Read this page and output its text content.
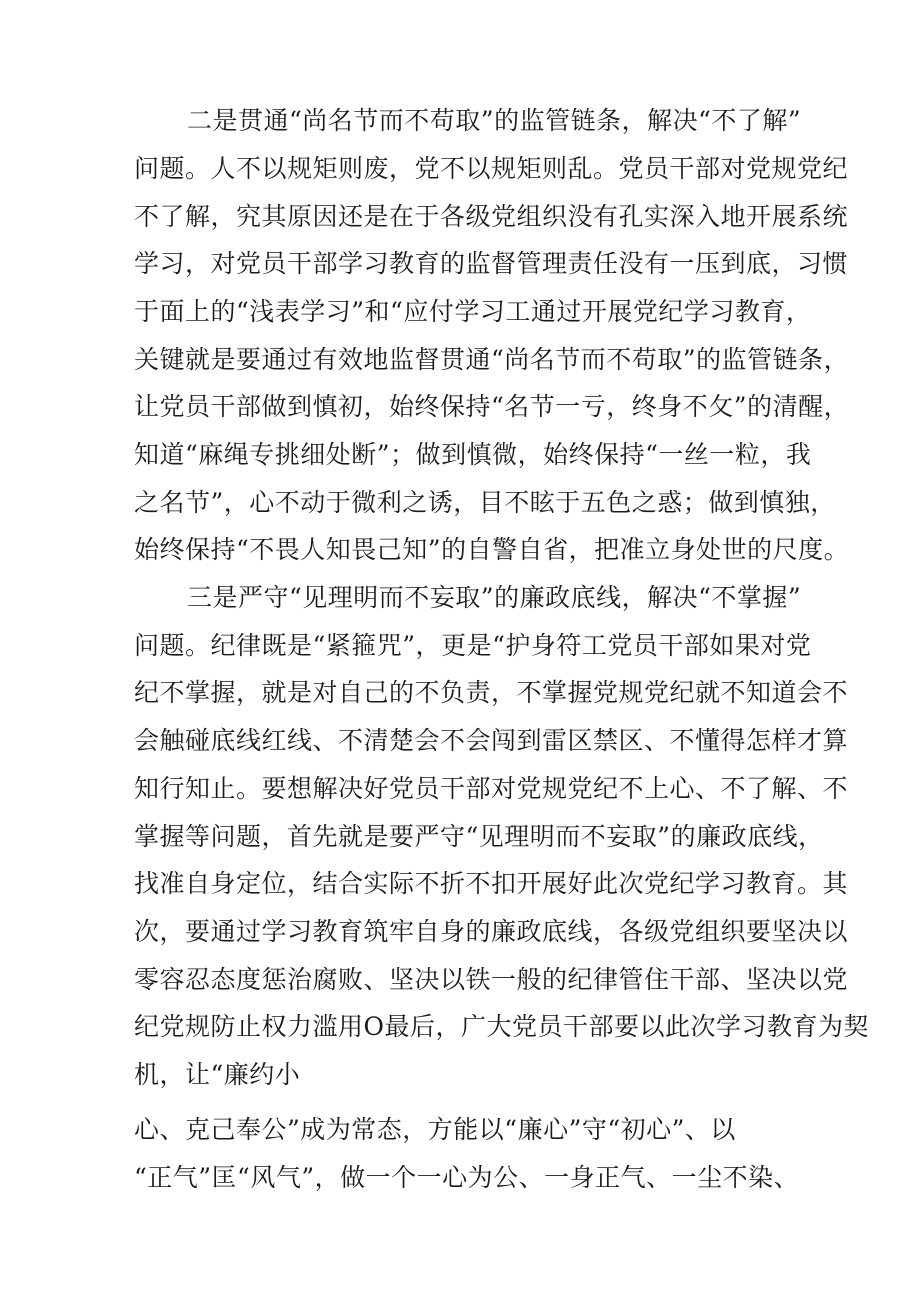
二是贯通“尚名节而不苟取”的监管链条，解决“不了解”
问题。人不以规矩则废，党不以规矩则乱。党员干部对党规党纪
不了解，究其原因还是在于各级党组织没有孔实深入地开展系统
学习，对党员干部学习教育的监督管理责任没有一压到底，习惯
于面上的“浅表学习”和“应付学习工通过开展党纪学习教育，
关键就是要通过有效地监督贯通“尚名节而不苟取”的监管链条，
让党员干部做到慎初，始终保持“名节一亏，终身不攵”的清醒，
知道“麻绳专挑细处断”；做到慎微，始终保持“一丝一粒，我
之名节”，心不动于微利之诱，目不眩于五色之惑；做到慎独，
始终保持“不畏人知畏己知”的自警自省，把准立身处世的尺度。
三是严守“见理明而不妄取”的廉政底线，解决“不掌握”
问题。纪律既是“紧箍咒”，更是“护身符工党员干部如果对党
纪不掌握，就是对自己的不负责，不掌握党规党纪就不知道会不
会触碰底线红线、不清楚会不会闯到雷区禁区、不懂得怎样才算
知行知止。要想解决好党员干部对党规党纪不上心、不了解、不
掌握等问题，首先就是要严守“见理明而不妄取”的廉政底线，
找准自身定位，结合实际不折不扣开展好此次党纪学习教育。其
次，要通过学习教育筑牢自身的廉政底线，各级党组织要坚决以
零容忍态度惩治腐败、坚决以铁一般的纪律管住干部、坚决以党
纪党规防止权力滥用O最后，广大党员干部要以此次学习教育为契
机，让“廉约小
心、克己奉公”成为常态，方能以“廉心”守“初心”、以
“正气”匡“风气”，做一个一心为公、一身正气、一尘不染、
